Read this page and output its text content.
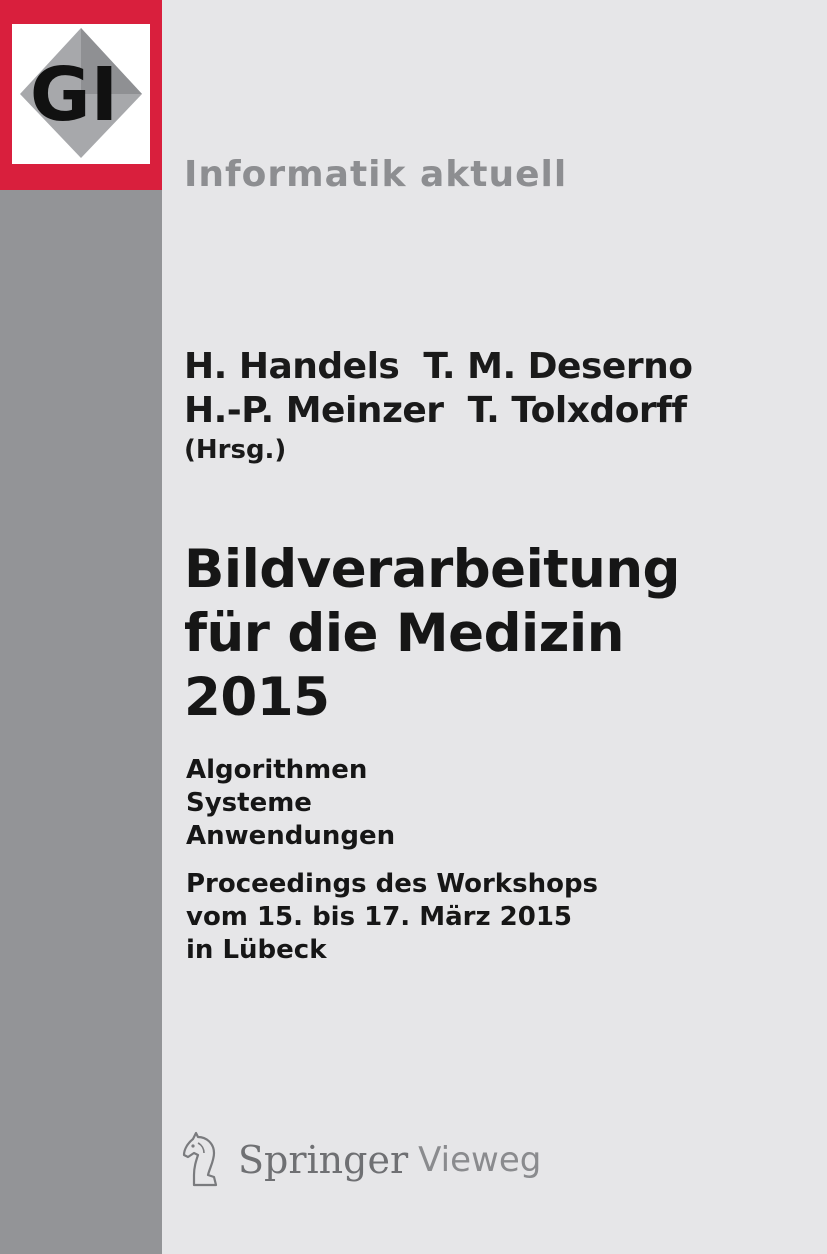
GI
Informatik aktuell
H. Handels T. M. Deserno
H.-P. Meinzer T. Tolxdorff
(Hrsg.)
Bildverarbeitung
für die Medizin
2015
Algorithmen
Systeme
Anwendungen
Proceedings des Workshops
vom 15. bis 17. März 2015
in Lübeck
Springer Vieweg
